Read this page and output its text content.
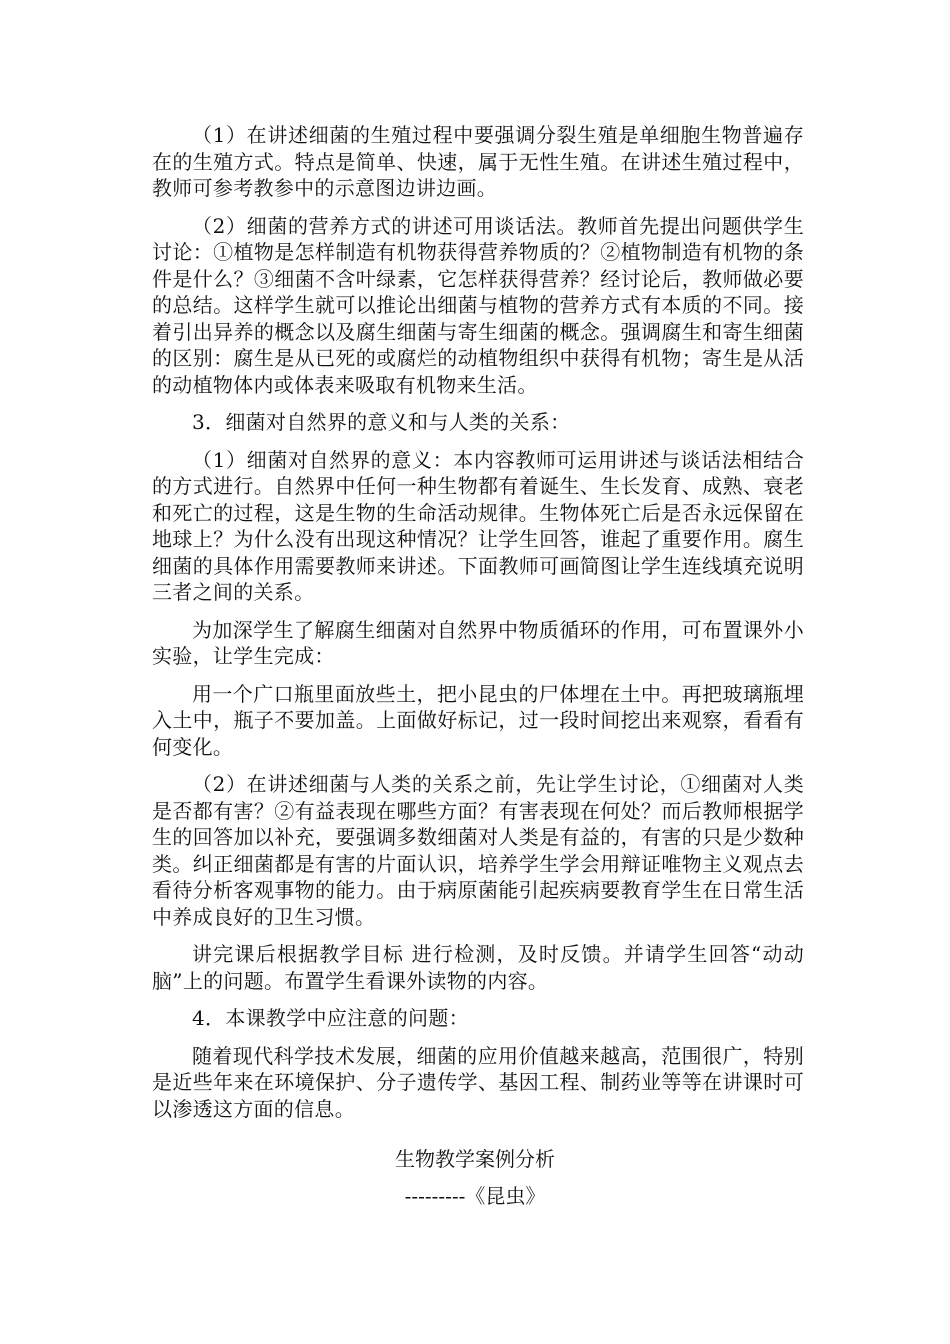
（1）在讲述细菌的生殖过程中要强调分裂生殖是单细胞生物普遍存在的生殖方式。特点是简单、快速，属于无性生殖。在讲述生殖过程中，教师可参考教参中的示意图边讲边画。

（2）细菌的营养方式的讲述可用谈话法。教师首先提出问题供学生讨论：①植物是怎样制造有机物获得营养物质的？②植物制造有机物的条件是什么？③细菌不含叶绿素，它怎样获得营养？经讨论后，教师做必要的总结。这样学生就可以推论出细菌与植物的营养方式有本质的不同。接着引出异养的概念以及腐生细菌与寄生细菌的概念。强调腐生和寄生细菌的区别：腐生是从已死的或腐烂的动植物组织中获得有机物；寄生是从活的动植物体内或体表来吸取有机物来生活。

3．细菌对自然界的意义和与人类的关系：

（1）细菌对自然界的意义：本内容教师可运用讲述与谈话法相结合的方式进行。自然界中任何一种生物都有着诞生、生长发育、成熟、衰老和死亡的过程，这是生物的生命活动规律。生物体死亡后是否永远保留在地球上？为什么没有出现这种情况？让学生回答，谁起了重要作用。腐生细菌的具体作用需要教师来讲述。下面教师可画简图让学生连线填充说明三者之间的关系。

为加深学生了解腐生细菌对自然界中物质循环的作用，可布置课外小实验，让学生完成：

用一个广口瓶里面放些土，把小昆虫的尸体埋在土中。再把玻璃瓶埋入土中，瓶子不要加盖。上面做好标记，过一段时间挖出来观察，看看有何变化。

（2）在讲述细菌与人类的关系之前，先让学生讨论，①细菌对人类是否都有害？②有益表现在哪些方面？有害表现在何处？而后教师根据学生的回答加以补充，要强调多数细菌对人类是有益的，有害的只是少数种类。纠正细菌都是有害的片面认识，培养学生学会用辩证唯物主义观点去看待分析客观事物的能力。由于病原菌能引起疾病要教育学生在日常生活中养成良好的卫生习惯。

讲完课后根据教学目标 进行检测，及时反馈。并请学生回答“动动脑”上的问题。布置学生看课外读物的内容。

4．本课教学中应注意的问题：

随着现代科学技术发展，细菌的应用价值越来越高，范围很广，特别是近些年来在环境保护、分子遗传学、基因工程、制药业等等在讲课时可以渗透这方面的信息。

生物教学案例分析

---------《昆虫》
